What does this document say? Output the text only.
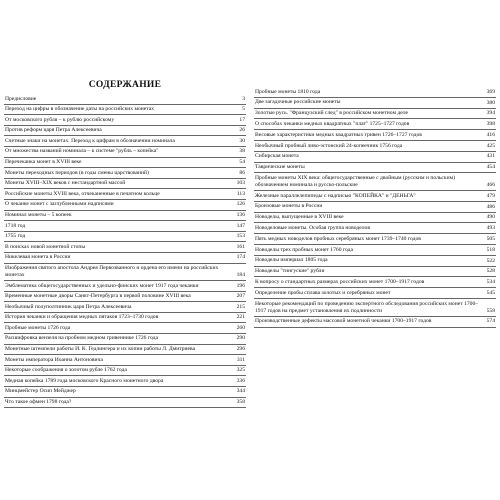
СОДЕРЖАНИЕ
Предисловие	3
Переход на цифры в обозначение даты на российских монетах	5
От московского рубля – к рублю российскому	17
Против реформ царя Петра Алексеевича	26
Счетные знаки на монетах. Переход к цифрам в обозначении номинала	30
От множества названий номинала – к системе "рубль – копейка"	38
Перечеканка монет в XVIII веке	54
Монеты переходных периодов (в годы смены царствований)	86
Монеты XVIII–XIX веков с нестандартной массой	103
Российские монеты XVIII века, отчеканенные в печатном кольце	113
О чеканке монет с заглубленными надписями	126
Номинал монеты – 5 копеек	136
1718 год	147
1755 год	153
В поисках новой монетной стопы	161
Никелевая монета в России	174
Изображения святого апостола Андрея Первозванного и ордена его имени на российских монетах	184
Эмблематика общегосударственных и удельно-финских монет 1917 года чеканки	196
Временные монетные дворы Санкт-Петербурга в первой половине XVIII века	207
Необычный полуполтинник царя Петра Алексеевича	215
История чеканки и обращения медных пятаков 1723–1730 годов	221
Пробные монеты 1726 года	260
Расшифровка вензеля на пробном медном гривеннике 1726 года	290
Монетные штемпели работы И. К. Гедлингера и их копии работы Л. Дмитриева	296
Монеты императора Иоанна Антоновича	311
Некоторые соображения о золотом рубле 1762 года	325
Медная копейка 1789 года московского Красного монетного двора	336
Минцмейстер Осип Мейджер	344
Что такое офмен 1798 года?	358
Пробные монеты 1810 года	369
Две загадочные российские монеты	380
Золотые русь. "Французский след" в российском монетном деле	394
О способах чеканки медных квадратных "плат" 1725–1727 годов	398
Весовые характеристики медных квадратных гривен 1726–1727 годов	416
Необычный пробный ливо-эстонский 24-копеечник 1756 года	425
Сибирская монета	431
Таврические монеты	454
Пробные монеты XIX века: общегосударственные с двойным (русским и польским) обозначением номинала и русско-польские	466
Железные параллелепипеды с надписью "КОПЕЙКА" и "ДЕНЬГА"	479
Бронзовые монеты в России	486
Новоделы, выпущенные в XVIII веке	490
Новоделовые монеты. Особая группа новоделов	493
Пять медных новоделов пробных серебряных монет 1739–1740 годов	505
Новоделы трех пробных монет 1760 года	518
Новоделы империал 1805 года	522
Новоделы "тингуские" рубли	528
К вопросу о стандартных размерах российских монет 1700–1917 годов	534
Определение пробы сплава золотых и серебряных монет	545
Некоторые рекомендаций по проведению экспертного обследования российских монет 1700–1917 годов на предмет установления их подлинности	558
Производственные дефекты массовой монетной чеканки 1700–1917 годов	574
